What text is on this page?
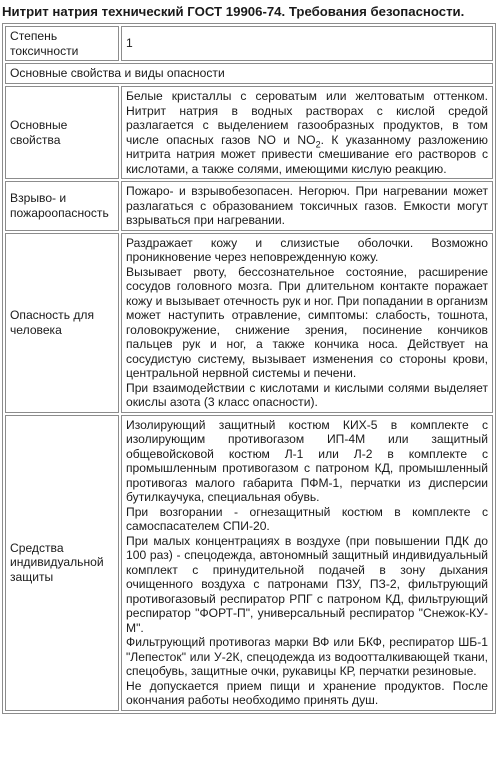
Нитрит натрия технический ГОСТ 19906-74. Требования безопасности.
Степень токсичности	1
Основные свойства и виды опасности	
Основные свойства	Белые кристаллы с сероватым или желтоватым оттенком. Нитрит натрия в водных растворах с кислой средой разлагается с выделением газообразных продуктов, в том числе опасных газов NO и $NO_2$. К указанному разложению нитрита натрия может привести смешивание его растворов с кислотами, а также солями, имеющими кислую реакцию.
Взрыво- и пожароопасность	Пожаро- и взрывобезопасен. Негорюч. При нагревании может разлагаться с образованием токсичных газов. Емкости могут взрываться при нагревании.
Опасность для человека	Раздражает кожу и слизистые оболочки. Возможно проникновение через неповрежденную кожу.
Вызывает рвоту, бессознательное состояние, расширение сосудов головного мозга. При длительном контакте поражает кожу и вызывает отечность рук и ног. При попадании в организм может наступить отравление, симптомы: слабость, тошнота, головокружение, снижение зрения, посинение кончиков пальцев рук и ног, а также кончика носа. Действует на сосудистую систему, вызывает изменения со стороны крови, центральной нервной системы и печени.
При взаимодействии с кислотами и кислыми солями выделяет окислы азота (3 класс опасности).

Средства индивидуальной защиты	Изолирующий защитный костюм КИХ-5 в комплекте с изолирующим противогазом ИП-4М или защитный общевойсковой костюм Л-1 или Л-2 в комплекте с промышленным противогазом с патроном КД, промышленный противогаз малого габарита ПФМ-1, перчатки из дисперсии бутилкаучука, специальная обувь.
При возгорании - огнезащитный костюм в комплекте с самоспасателем СПИ-20.
При малых концентрациях в воздухе (при повышении ПДК до 100 раз) - спецодежда, автономный защитный индивидуальный комплект с принудительной подачей в зону дыхания очищенного воздуха с патронами ПЗУ, ПЗ-2, фильтрующий противогазовый респиратор РПГ с патроном КД, фильтрующий респиратор "ФОРТ-П", универсальный респиратор "Снежок-КУ-М".
Фильтрующий противогаз марки ВФ или БКФ, респиратор ШБ-1 "Лепесток" или У-2К, спецодежда из водоотталкивающей ткани, спецобувь, защитные очки, рукавицы КР, перчатки резиновые.
Не допускается прием пищи и хранение продуктов. После окончания работы необходимо принять душ.
